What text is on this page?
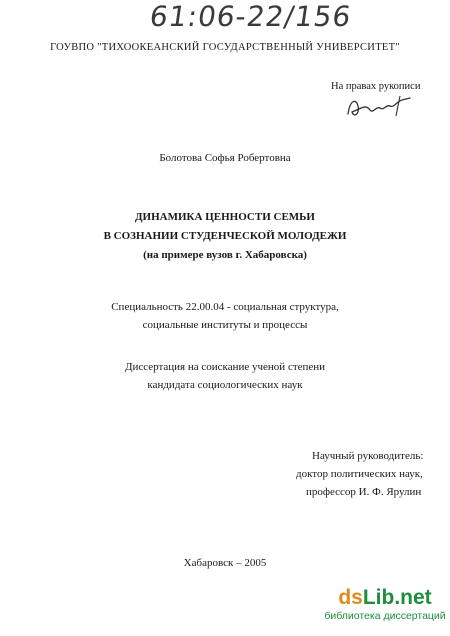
61:06-22/156
ГОУВПО "ТИХООКЕАНСКИЙ ГОСУДАРСТВЕННЫЙ УНИВЕРСИТЕТ"
На правах рукописи
Болотова Софья Робертовна
ДИНАМИКА ЦЕННОСТИ СЕМЬИ
В СОЗНАНИИ СТУДЕНЧЕСКОЙ МОЛОДЕЖИ
(на примере вузов г. Хабаровска)
Специальность 22.00.04 - социальная структура,
социальные институты и процессы
Диссертация на соискание ученой степени
кандидата социологических наук
Научный руководитель:
доктор политических наук,
профессор И. Ф. Ярулин
Хабаровск – 2005
dsLib.net
библиотека диссертаций
